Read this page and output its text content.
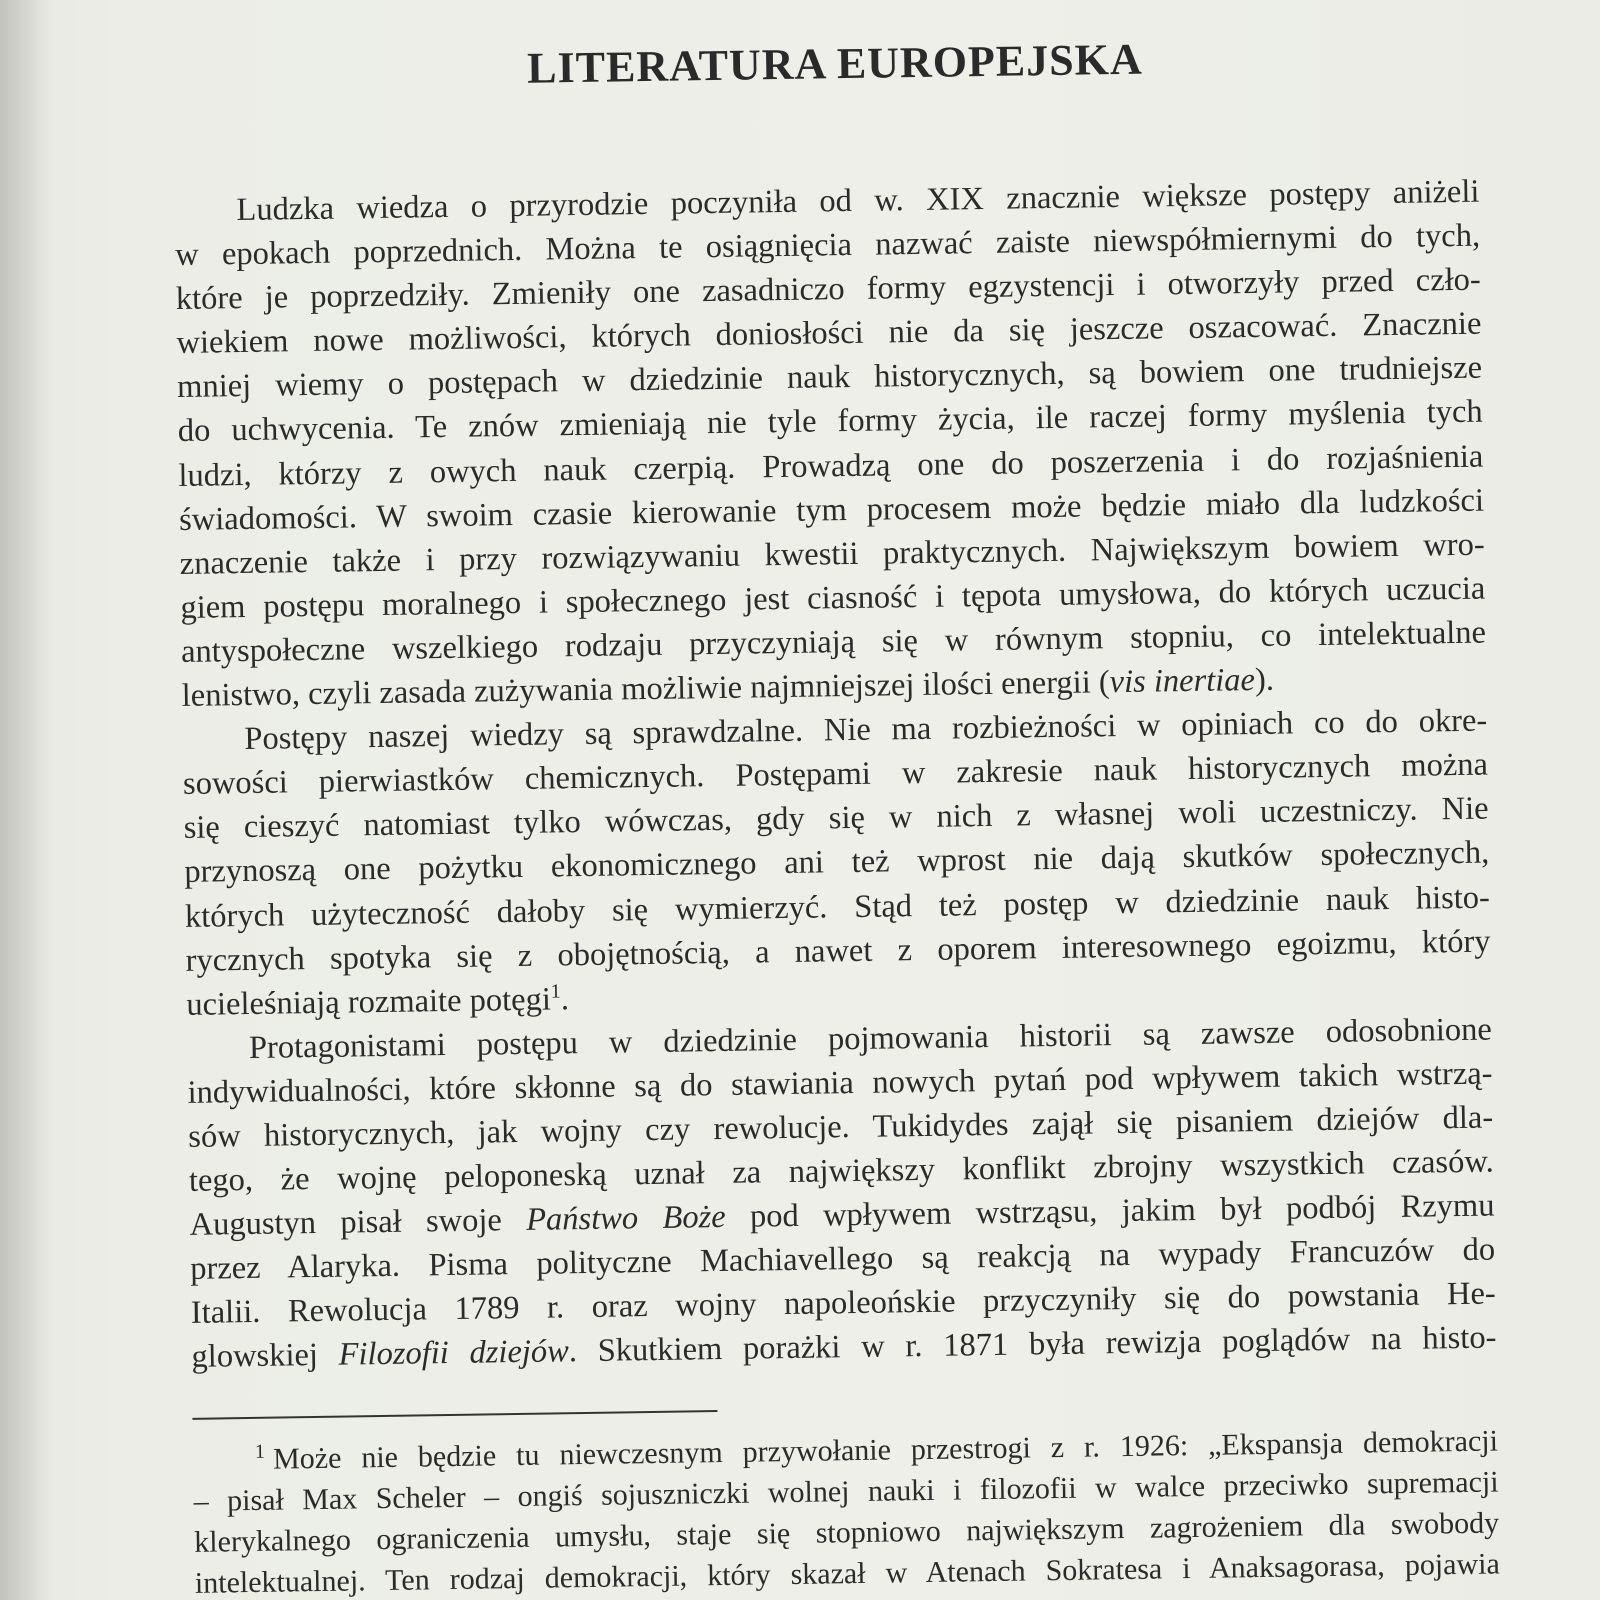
LITERATURA EUROPEJSKA

Ludzka wiedza o przyrodzie poczyniła od w. XIX znacznie większe postępy aniżeli
w epokach poprzednich. Można te osiągnięcia nazwać zaiste niewspółmiernymi do tych,
które je poprzedziły. Zmieniły one zasadniczo formy egzystencji i otworzyły przed czło-
wiekiem nowe możliwości, których doniosłości nie da się jeszcze oszacować. Znacznie
mniej wiemy o postępach w dziedzinie nauk historycznych, są bowiem one trudniejsze
do uchwycenia. Te znów zmieniają nie tyle formy życia, ile raczej formy myślenia tych
ludzi, którzy z owych nauk czerpią. Prowadzą one do poszerzenia i do rozjaśnienia
świadomości. W swoim czasie kierowanie tym procesem może będzie miało dla ludzkości
znaczenie także i przy rozwiązywaniu kwestii praktycznych. Największym bowiem wro-
giem postępu moralnego i społecznego jest ciasność i tępota umysłowa, do których uczucia
antyspołeczne wszelkiego rodzaju przyczyniają się w równym stopniu, co intelektualne
lenistwo, czyli zasada zużywania możliwie najmniejszej ilości energii (vis inertiae).

Postępy naszej wiedzy są sprawdzalne. Nie ma rozbieżności w opiniach co do okre-
sowości pierwiastków chemicznych. Postępami w zakresie nauk historycznych można
się cieszyć natomiast tylko wówczas, gdy się w nich z własnej woli uczestniczy. Nie
przynoszą one pożytku ekonomicznego ani też wprost nie dają skutków społecznych,
których użyteczność dałoby się wymierzyć. Stąd też postęp w dziedzinie nauk histo-
rycznych spotyka się z obojętnością, a nawet z oporem interesownego egoizmu, który
ucieleśniają rozmaite potęgi$^1$.

Protagonistami postępu w dziedzinie pojmowania historii są zawsze odosobnione
indywidualności, które skłonne są do stawiania nowych pytań pod wpływem takich wstrzą-
sów historycznych, jak wojny czy rewolucje. Tukidydes zajął się pisaniem dziejów dla-
tego, że wojnę peloponeską uznał za największy konflikt zbrojny wszystkich czasów.
Augustyn pisał swoje Państwo Boże pod wpływem wstrząsu, jakim był podbój Rzymu
przez Alaryka. Pisma polityczne Machiavellego są reakcją na wypady Francuzów do
Italii. Rewolucja 1789 r. oraz wojny napoleońskie przyczyniły się do powstania He-
glowskiej Filozofii dziejów. Skutkiem porażki w r. 1871 była rewizja poglądów na histo-

$^1$ Może nie będzie tu niewczesnym przywołanie przestrogi z r. 1926: „Ekspansja demokracji
– pisał Max Scheler – ongiś sojuszniczki wolnej nauki i filozofii w walce przeciwko supremacji
klerykalnego ograniczenia umysłu, staje się stopniowo największym zagrożeniem dla swobody
intelektualnej. Ten rodzaj demokracji, który skazał w Atenach Sokratesa i Anaksagorasa, pojawia
